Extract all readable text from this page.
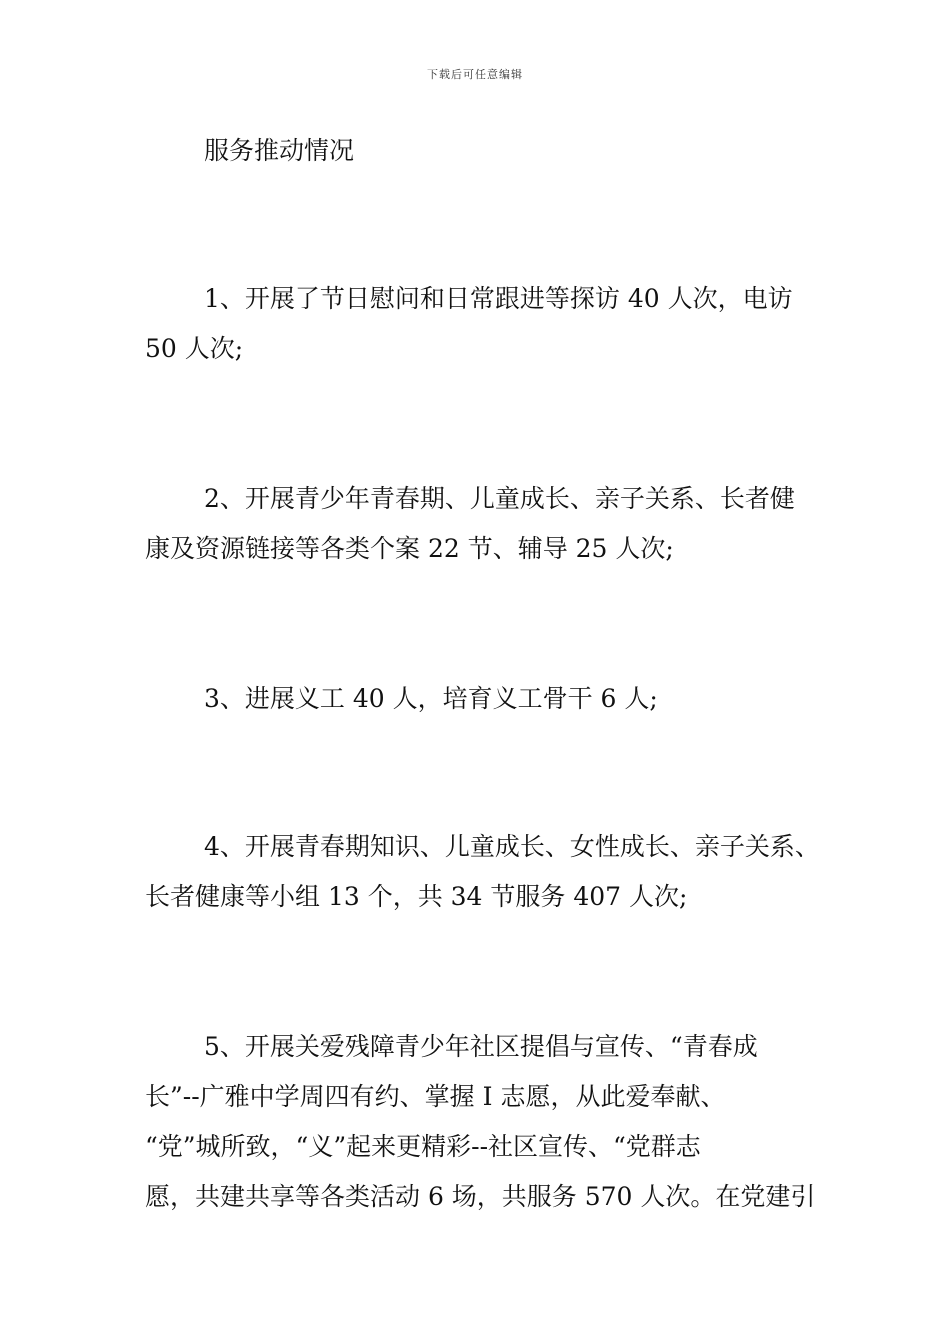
下载后可任意编辑
服务推动情况
1、开展了节日慰问和日常跟进等探访 40 人次，电访
50 人次;
2、开展青少年青春期、儿童成长、亲子关系、长者健
康及资源链接等各类个案 22 节、辅导 25 人次;
3、进展义工 40 人，培育义工骨干 6 人;
4、开展青春期知识、儿童成长、女性成长、亲子关系、
长者健康等小组 13 个，共 34 节服务 407 人次;
5、开展关爱残障青少年社区提倡与宣传、“青春成
长”--广雅中学周四有约、掌握 I 志愿，从此爱奉献、
“党”城所致，“义”起来更精彩--社区宣传、“党群志
愿，共建共享等各类活动 6 场，共服务 570 人次。在党建引
